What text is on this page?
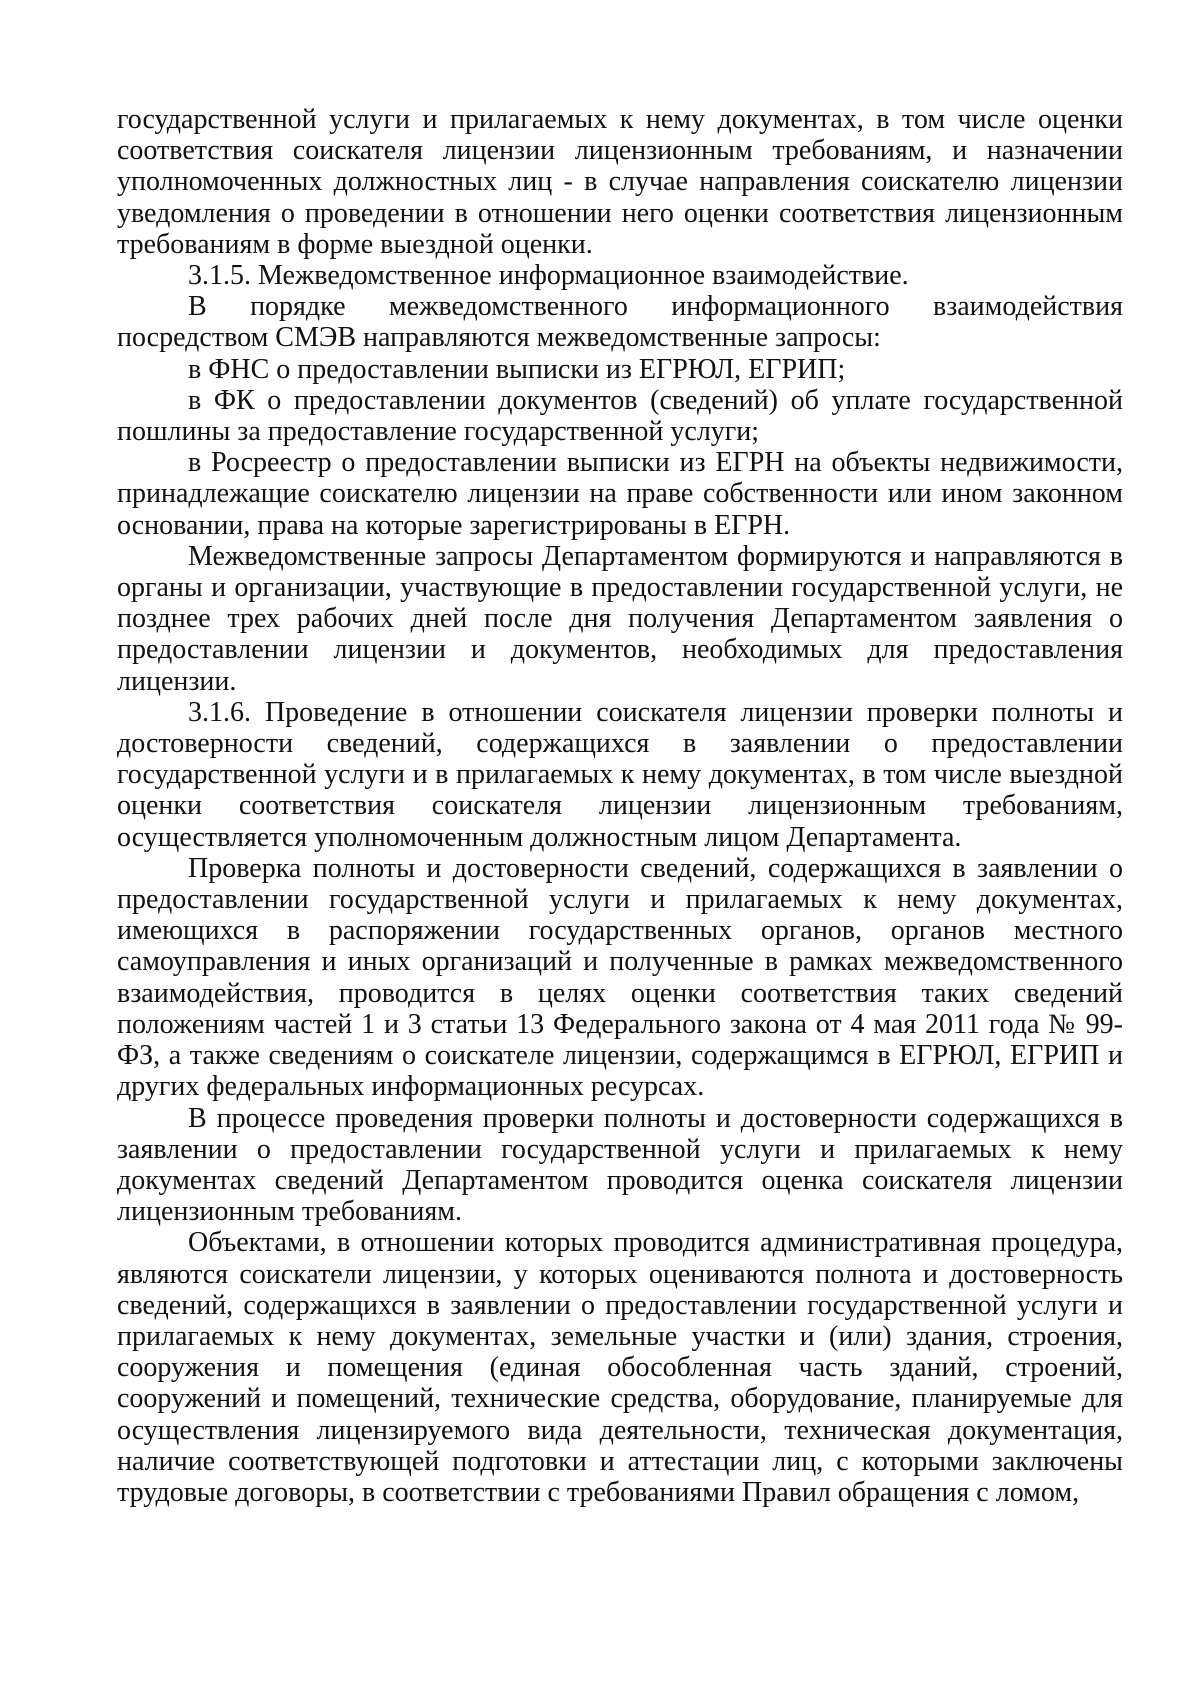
государственной услуги и прилагаемых к нему документах, в том числе оценки соответствия соискателя лицензии лицензионным требованиям, и назначении уполномоченных должностных лиц - в случае направления соискателю лицензии уведомления о проведении в отношении него оценки соответствия лицензионным требованиям в форме выездной оценки.

3.1.5. Межведомственное информационное взаимодействие.

В порядке межведомственного информационного взаимодействия посредством СМЭВ направляются межведомственные запросы:

в ФНС о предоставлении выписки из ЕГРЮЛ, ЕГРИП;

в ФК о предоставлении документов (сведений) об уплате государственной пошлины за предоставление государственной услуги;

в Росреестр о предоставлении выписки из ЕГРН на объекты недвижимости, принадлежащие соискателю лицензии на праве собственности или ином законном основании, права на которые зарегистрированы в ЕГРН.

Межведомственные запросы Департаментом формируются и направляются в органы и организации, участвующие в предоставлении государственной услуги, не позднее трех рабочих дней после дня получения Департаментом заявления о предоставлении лицензии и документов, необходимых для предоставления лицензии.

3.1.6. Проведение в отношении соискателя лицензии проверки полноты и достоверности сведений, содержащихся в заявлении о предоставлении государственной услуги и в прилагаемых к нему документах, в том числе выездной оценки соответствия соискателя лицензии лицензионным требованиям, осуществляется уполномоченным должностным лицом Департамента.

Проверка полноты и достоверности сведений, содержащихся в заявлении о предоставлении государственной услуги и прилагаемых к нему документах, имеющихся в распоряжении государственных органов, органов местного самоуправления и иных организаций и полученные в рамках межведомственного взаимодействия, проводится в целях оценки соответствия таких сведений положениям частей 1 и 3 статьи 13 Федерального закона от 4 мая 2011 года № 99-ФЗ, а также сведениям о соискателе лицензии, содержащимся в ЕГРЮЛ, ЕГРИП и других федеральных информационных ресурсах.

В процессе проведения проверки полноты и достоверности содержащихся в заявлении о предоставлении государственной услуги и прилагаемых к нему документах сведений Департаментом проводится оценка соискателя лицензии лицензионным требованиям.

Объектами, в отношении которых проводится административная процедура, являются соискатели лицензии, у которых оцениваются полнота и достоверность сведений, содержащихся в заявлении о предоставлении государственной услуги и прилагаемых к нему документах, земельные участки и (или) здания, строения, сооружения и помещения (единая обособленная часть зданий, строений, сооружений и помещений, технические средства, оборудование, планируемые для осуществления лицензируемого вида деятельности, техническая документация, наличие соответствующей подготовки и аттестации лиц, с которыми заключены трудовые договоры, в соответствии с требованиями Правил обращения с ломом,
